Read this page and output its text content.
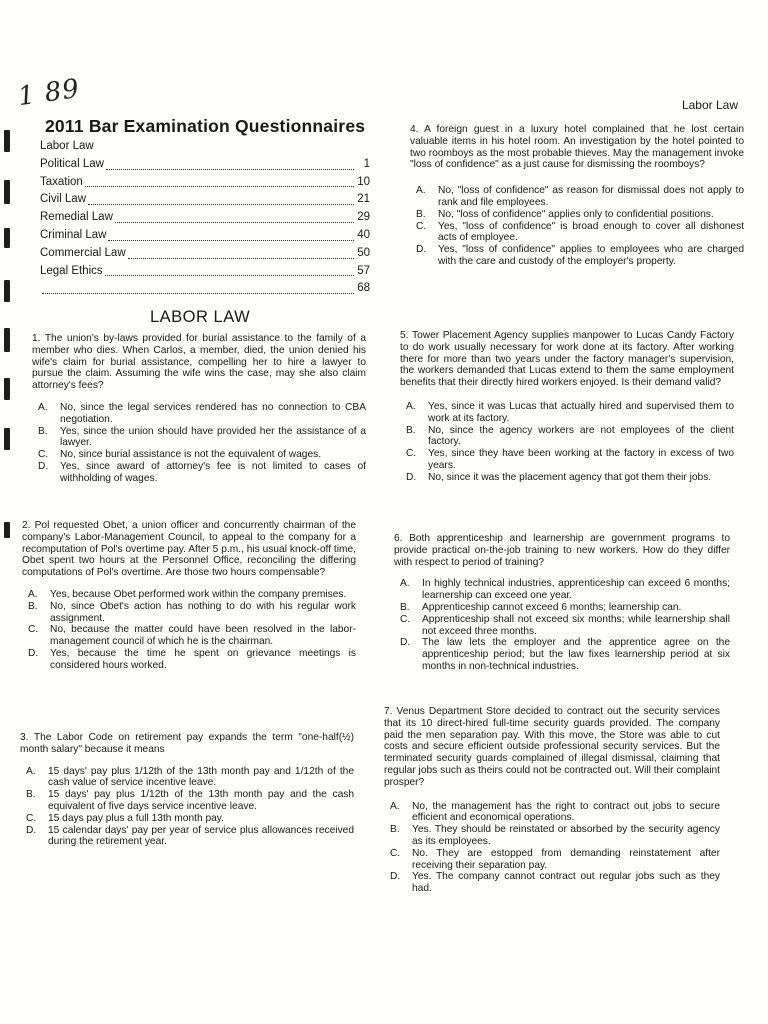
1 89	Labor Law
2011 Bar Examination Questionnaires
Labor Law
Political Law	1
Taxation	10
Civil Law	21
Remedial Law	29
Criminal Law	40
Commercial Law	50
Legal Ethics	57
68
LABOR LAW

1. The union's by-laws provided for burial assistance to the family of a member who dies. When Carlos, a member, died, the union denied his wife's claim for burial assistance, compelling her to hire a lawyer to pursue the claim. Assuming the wife wins the case, may she also claim attorney's fees?

A.	No, since the legal services rendered has no connection to CBA negotiation.
B.	Yes, since the union should have provided her the assistance of a lawyer.
C.	No, since burial assistance is not the equivalent of wages.
D.	Yes, since award of attorney's fee is not limited to cases of withholding of wages.

2. Pol requested Obet, a union officer and concurrently chairman of the company's Labor-Management Council, to appeal to the company for a recomputation of Pol's overtime pay. After 5 p.m., his usual knock-off time, Obet spent two hours at the Personnel Office, reconciling the differing computations of Pol's overtime. Are those two hours compensable?

A.	Yes, because Obet performed work within the company premises.
B.	No, since Obet's action has nothing to do with his regular work assignment.
C.	No, because the matter could have been resolved in the labor-management council of which he is the chairman.
D.	Yes, because the time he spent on grievance meetings is considered hours worked.

3. The Labor Code on retirement pay expands the term "one-half(½) month salary" because it means

A.	15 days' pay plus 1/12th of the 13th month pay and 1/12th of the cash value of service incentive leave.
B.	15 days' pay plus 1/12th of the 13th month pay and the cash equivalent of five days service incentive leave.
C.	15 days pay plus a full 13th month pay.
D.	15 calendar days' pay per year of service plus allowances received during the retirement year.

4. A foreign guest in a luxury hotel complained that he lost certain valuable items in his hotel room. An investigation by the hotel pointed to two roomboys as the most probable thieves. May the management invoke "loss of confidence" as a just cause for dismissing the roomboys?

A.	No, "loss of confidence" as reason for dismissal does not apply to rank and file employees.
B.	No, "loss of confidence" applies only to confidential positions.
C.	Yes, "loss of confidence" is broad enough to cover all dishonest acts of employee.
D.	Yes, "loss of confidence" applies to employees who are charged with the care and custody of the employer's property.

5. Tower Placement Agency supplies manpower to Lucas Candy Factory to do work usually necessary for work done at its factory. After working there for more than two years under the factory manager's supervision, the workers demanded that Lucas extend to them the same employment benefits that their directly hired workers enjoyed. Is their demand valid?

A.	Yes, since it was Lucas that actually hired and supervised them to work at its factory.
B.	No, since the agency workers are not employees of the client factory.
C.	Yes, since they have been working at the factory in excess of two years.
D.	No, since it was the placement agency that got them their jobs.

6. Both apprenticeship and learnership are government programs to provide practical on-the-job training to new workers. How do they differ with respect to period of training?

A.	In highly technical industries, apprenticeship can exceed 6 months; learnership can exceed one year.
B.	Apprenticeship cannot exceed 6 months; learnership can.
C.	Apprenticeship shall not exceed six months; while learnership shall not exceed three months.
D.	The law lets the employer and the apprentice agree on the apprenticeship period; but the law fixes learnership period at six months in non-technical industries.

7. Venus Department Store decided to contract out the security services that its 10 direct-hired full-time security guards provided. The company paid the men separation pay. With this move, the Store was able to cut costs and secure efficient outside professional security services. But the terminated security guards complained of illegal dismissal, claiming that regular jobs such as theirs could not be contracted out. Will their complaint prosper?

A.	No, the management has the right to contract out jobs to secure efficient and economical operations.
B.	Yes. They should be reinstated or absorbed by the security agency as its employees.
C.	No. They are estopped from demanding reinstatement after receiving their separation pay.
D.	Yes. The company cannot contract out regular jobs such as they had.
